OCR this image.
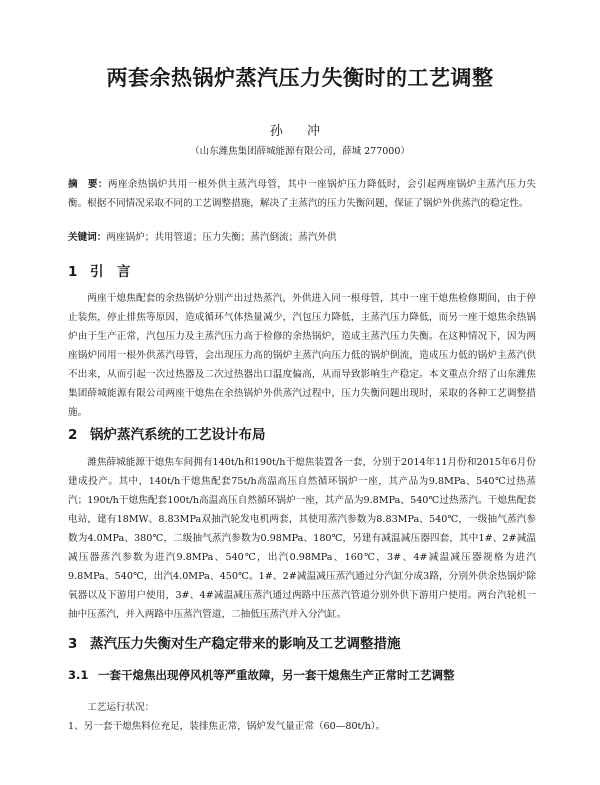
两套余热锅炉蒸汽压力失衡时的工艺调整
孙 冲
（山东潍焦集团薛城能源有限公司，薛城 277000）
摘　要：两座余热锅炉共用一根外供主蒸汽母管，其中一座锅炉压力降低时，会引起两座锅炉主蒸汽压力失衡。根据不同情况采取不同的工艺调整措施，解决了主蒸汽的压力失衡问题，保证了锅炉外供蒸汽的稳定性。
关键词：两座锅炉；共用管道；压力失衡；蒸汽倒流；蒸汽外供
1 引　言
两座干熄焦配套的余热锅炉分别产出过热蒸汽，外供进入同一根母管，其中一座干熄焦检修期间，由于停止装焦，停止排焦等原因，造成循环气体热量减少，汽包压力降低，主蒸汽压力降低，而另一座干熄焦余热锅炉由于生产正常，汽包压力及主蒸汽压力高于检修的余热锅炉，造成主蒸汽压力失衡。在这种情况下，因为两座锅炉同用一根外供蒸汽母管，会出现压力高的锅炉主蒸汽向压力低的锅炉倒流，造成压力低的锅炉主蒸汽供不出来，从而引起一次过热器及二次过热器出口温度偏高，从而导致影响生产稳定。本文重点介绍了山东潍焦集团薛城能源有限公司两座干熄焦在余热锅炉外供蒸汽过程中，压力失衡问题出现时，采取的各种工艺调整措施。
2 锅炉蒸汽系统的工艺设计布局
潍焦薛城能源干熄焦车间拥有140t/h和190t/h干熄焦装置各一套，分别于2014年11月份和2015年6月份建成投产。其中，140t/h干熄焦配套75t/h高温高压自然循环锅炉一座，其产品为9.8MPa、540℃过热蒸汽；190t/h干熄焦配套100t/h高温高压自然循环锅炉一座，其产品为9.8MPa、540℃过热蒸汽。干熄焦配套电站，建有18MW、8.83MPa双抽汽轮发电机两套，其使用蒸汽参数为8.83MPa、540℃，一级抽气蒸汽参数为4.0MPa、380℃，二级抽气蒸汽参数为0.98MPa、180℃，另建有减温减压器四套，其中1#、2#减温减压器蒸汽参数为进汽9.8MPa、540℃，出汽0.98MPa、160℃，3#、4#减温减压器规格为进汽9.8MPa、540℃，出汽4.0MPa、450℃。1#、2#减温减压蒸汽通过分汽缸分成3路，分别外供余热锅炉除氧器以及下游用户使用，3#、4#减温减压蒸汽通过两路中压蒸汽管道分别外供下游用户使用。两台汽轮机一抽中压蒸汽，并入两路中压蒸汽管道，二抽低压蒸汽并入分汽缸。
3 蒸汽压力失衡对生产稳定带来的影响及工艺调整措施
3.1 一套干熄焦出现停风机等严重故障，另一套干熄焦生产正常时工艺调整
工艺运行状况：
1、另一套干熄焦料位充足，装排焦正常，锅炉发气量正常（60—80t/h）。
